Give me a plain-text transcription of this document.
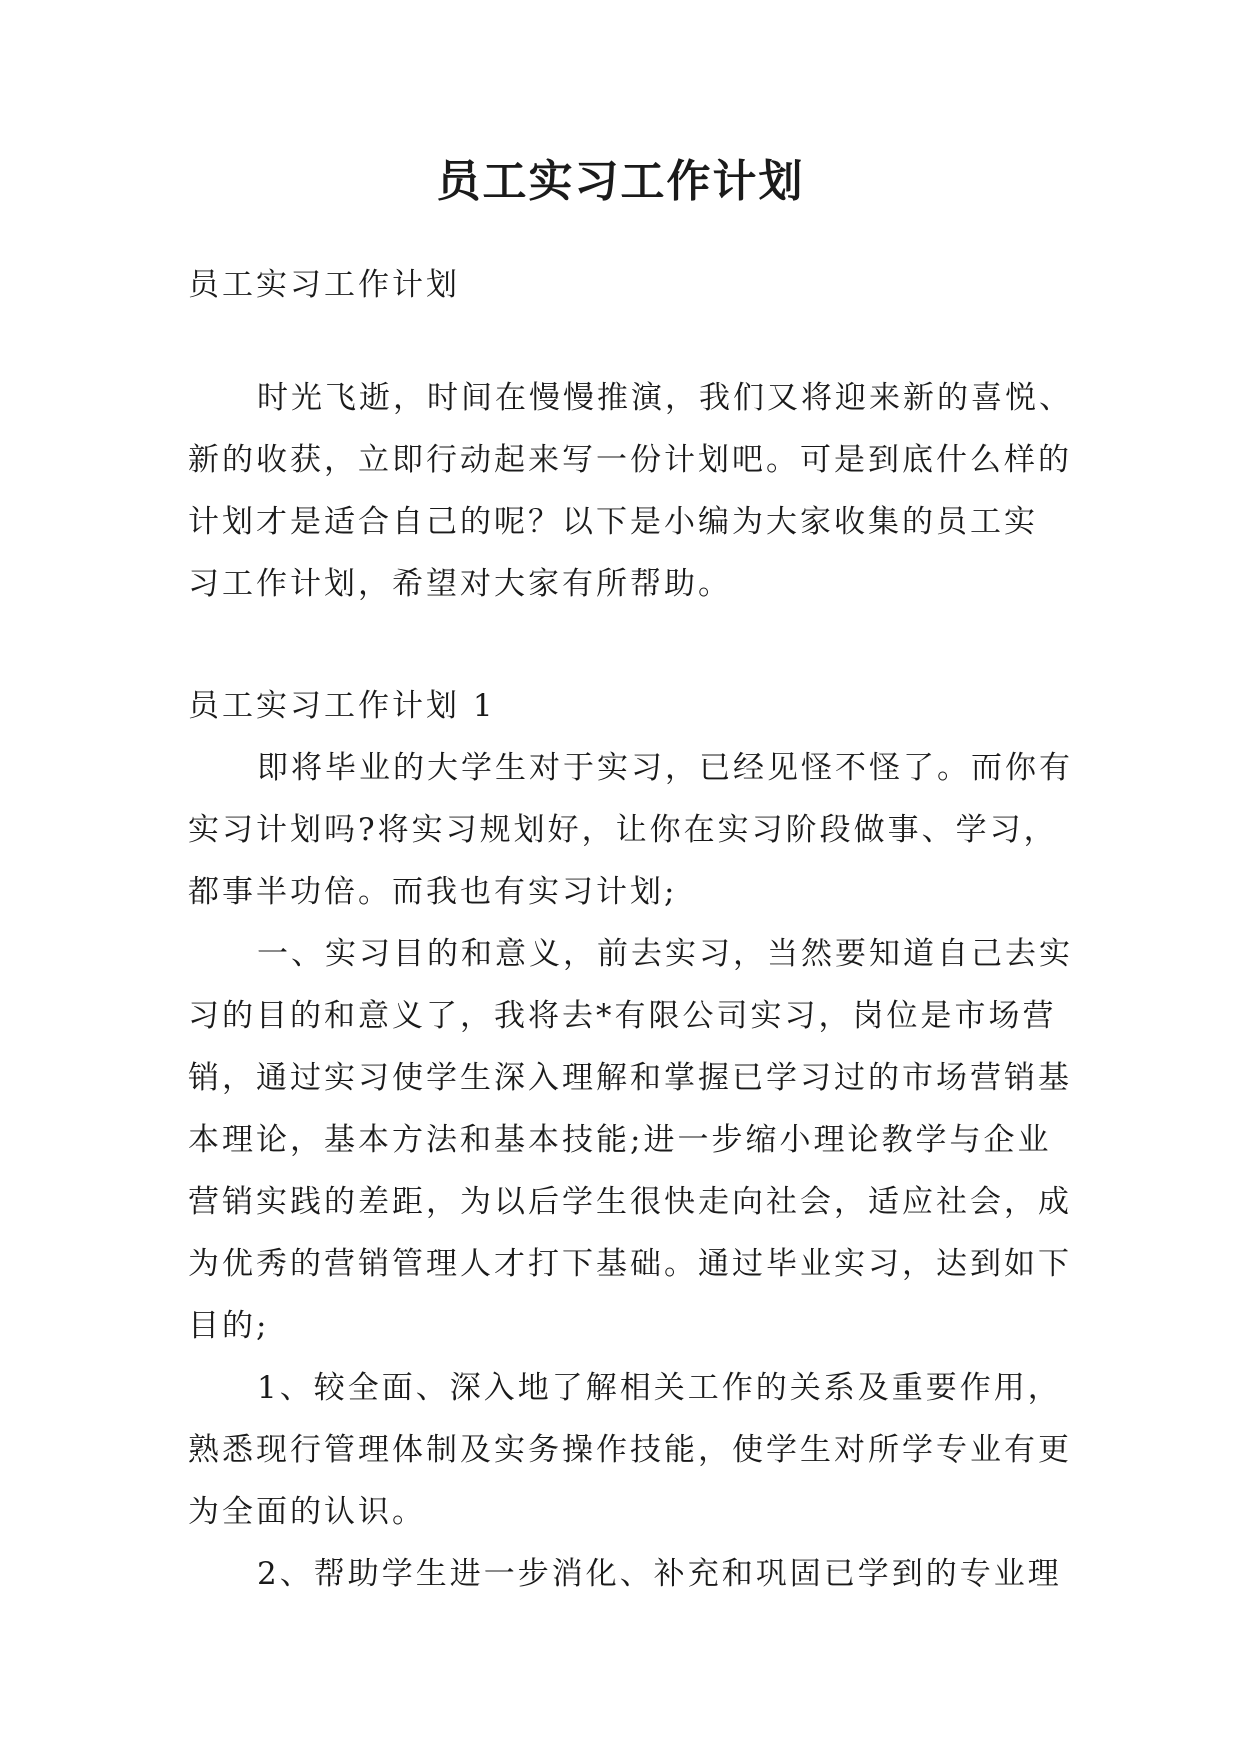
员工实习工作计划
员工实习工作计划
时光飞逝，时间在慢慢推演，我们又将迎来新的喜悦、
新的收获，立即行动起来写一份计划吧。可是到底什么样的
计划才是适合自己的呢？以下是小编为大家收集的员工实
习工作计划，希望对大家有所帮助。
员工实习工作计划 1
即将毕业的大学生对于实习，已经见怪不怪了。而你有
实习计划吗?将实习规划好，让你在实习阶段做事、学习，
都事半功倍。而我也有实习计划;
一、实习目的和意义，前去实习，当然要知道自己去实
习的目的和意义了，我将去*有限公司实习，岗位是市场营
销，通过实习使学生深入理解和掌握已学习过的市场营销基
本理论，基本方法和基本技能;进一步缩小理论教学与企业
营销实践的差距，为以后学生很快走向社会，适应社会，成
为优秀的营销管理人才打下基础。通过毕业实习，达到如下
目的;
1、较全面、深入地了解相关工作的关系及重要作用，
熟悉现行管理体制及实务操作技能，使学生对所学专业有更
为全面的认识。
2、帮助学生进一步消化、补充和巩固已学到的专业理
